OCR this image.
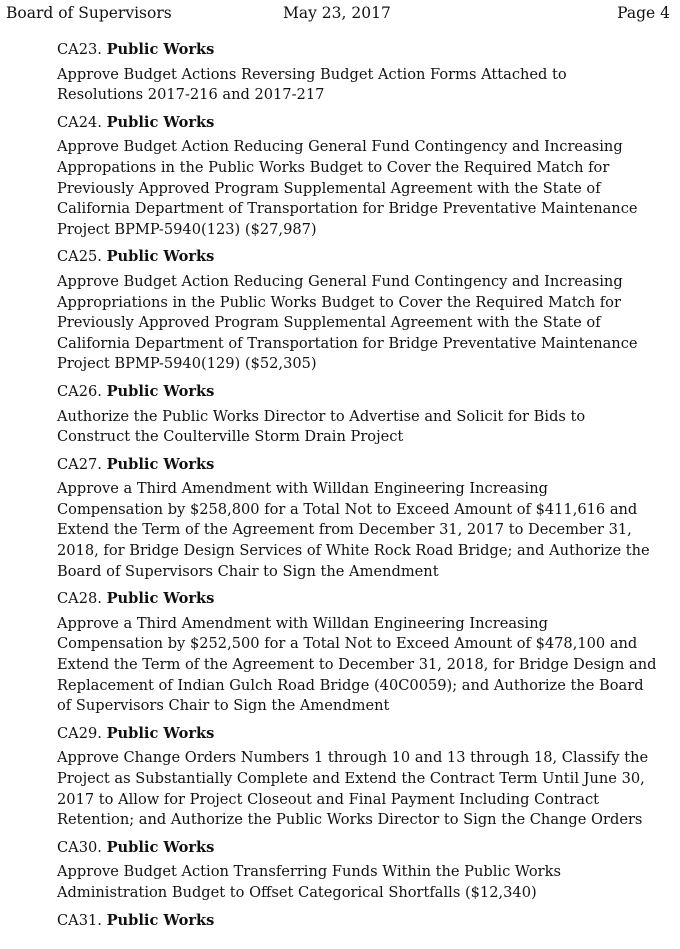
Board of Supervisors	May 23, 2017	Page 4
CA23. Public Works
Approve Budget Actions Reversing Budget Action Forms Attached to
Resolutions 2017-216 and 2017-217
CA24. Public Works
Approve Budget Action Reducing General Fund Contingency and Increasing
Appropations in the Public Works Budget to Cover the Required Match for
Previously Approved Program Supplemental Agreement with the State of
California Department of Transportation for Bridge Preventative Maintenance
Project BPMP-5940(123) ($27,987)
CA25. Public Works
Approve Budget Action Reducing General Fund Contingency and Increasing
Appropriations in the Public Works Budget to Cover the Required Match for
Previously Approved Program Supplemental Agreement with the State of
California Department of Transportation for Bridge Preventative Maintenance
Project BPMP-5940(129) ($52,305)
CA26. Public Works
Authorize the Public Works Director to Advertise and Solicit for Bids to
Construct the Coulterville Storm Drain Project
CA27. Public Works
Approve a Third Amendment with Willdan Engineering Increasing
Compensation by $258,800 for a Total Not to Exceed Amount of $411,616 and
Extend the Term of the Agreement from December 31, 2017 to December 31,
2018, for Bridge Design Services of White Rock Road Bridge; and Authorize the
Board of Supervisors Chair to Sign the Amendment
CA28. Public Works
Approve a Third Amendment with Willdan Engineering Increasing
Compensation by $252,500 for a Total Not to Exceed Amount of $478,100 and
Extend the Term of the Agreement to December 31, 2018, for Bridge Design and
Replacement of Indian Gulch Road Bridge (40C0059); and Authorize the Board
of Supervisors Chair to Sign the Amendment
CA29. Public Works
Approve Change Orders Numbers 1 through 10 and 13 through 18, Classify the
Project as Substantially Complete and Extend the Contract Term Until June 30,
2017 to Allow for Project Closeout and Final Payment Including Contract
Retention; and Authorize the Public Works Director to Sign the Change Orders
CA30. Public Works
Approve Budget Action Transferring Funds Within the Public Works
Administration Budget to Offset Categorical Shortfalls ($12,340)
CA31. Public Works
